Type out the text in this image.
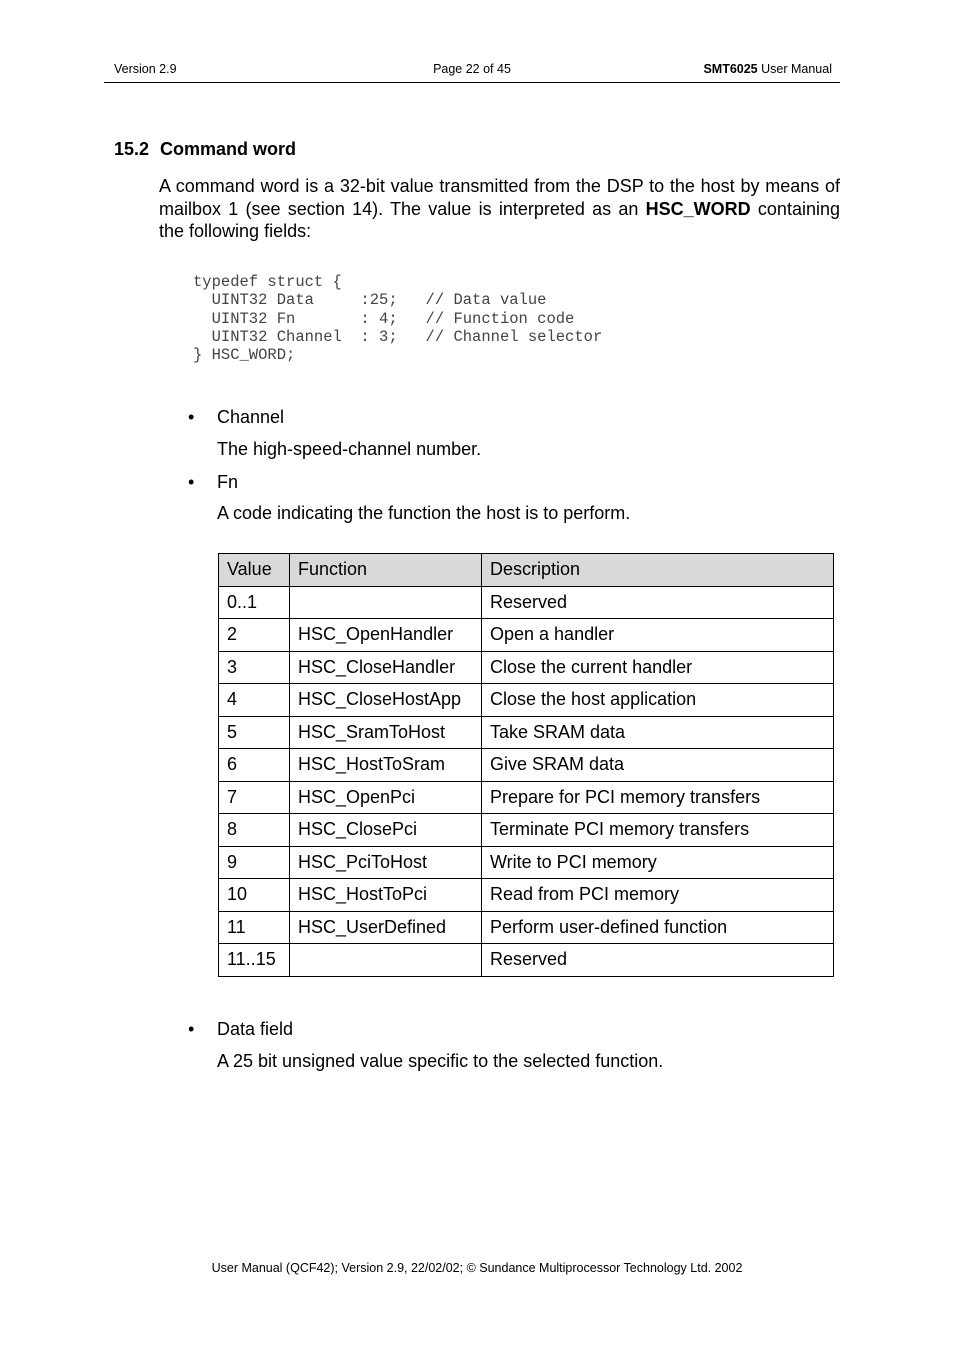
Version 2.9	Page 22 of 45	SMT6025 User Manual
15.2 Command word
A command word is a 32-bit value transmitted from the DSP to the host by means of mailbox 1 (see section 14). The value is interpreted as an HSC_WORD containing the following fields:
typedef struct {
UINT32 Data     :25;   // Data value
UINT32 Fn       : 4;   // Function code
UINT32 Channel  : 3;   // Channel selector
} HSC_WORD;
• Channel
The high-speed-channel number.
• Fn
A code indicating the function the host is to perform.
Value	Function	Description
0..1		Reserved
2	HSC_OpenHandler	Open a handler
3	HSC_CloseHandler	Close the current handler
4	HSC_CloseHostApp	Close the host application
5	HSC_SramToHost	Take SRAM data
6	HSC_HostToSram	Give SRAM data
7	HSC_OpenPci	Prepare for PCI memory transfers
8	HSC_ClosePci	Terminate PCI memory transfers
9	HSC_PciToHost	Write to PCI memory
10	HSC_HostToPci	Read from PCI memory
11	HSC_UserDefined	Perform user-defined function
11..15		Reserved
• Data field
A 25 bit unsigned value specific to the selected function.
User Manual (QCF42); Version 2.9, 22/02/02; © Sundance Multiprocessor Technology Ltd. 2002
